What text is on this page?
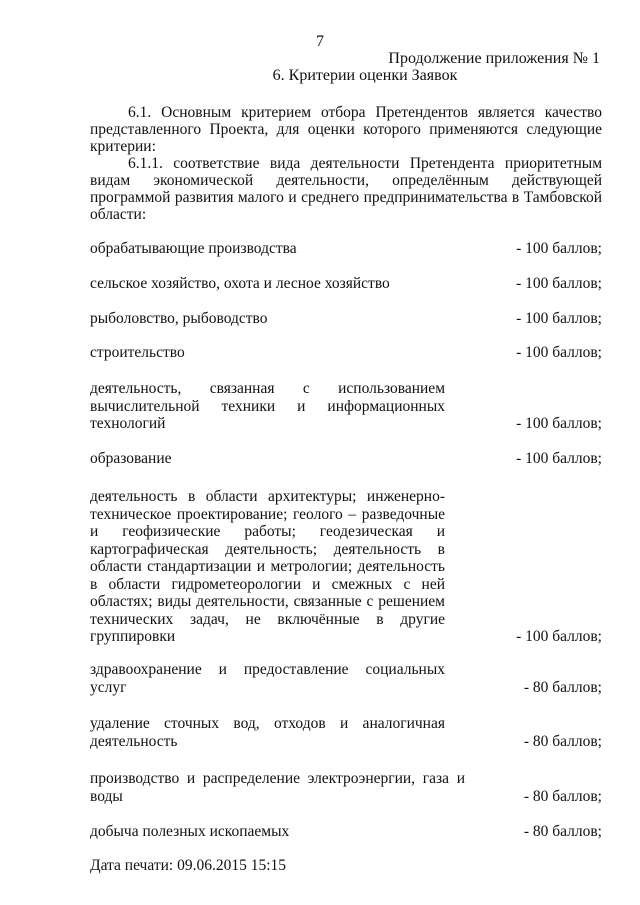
7
Продолжение приложения № 1
6. Критерии оценки Заявок
6.1. Основным критерием отбора Претендентов является качество представленного Проекта, для оценки которого применяются следующие критерии:
6.1.1. соответствие вида деятельности Претендента приоритетным видам экономической деятельности, определённым действующей программой развития малого и среднего предпринимательства в Тамбовской области:
обрабатывающие производства	- 100 баллов;
сельское хозяйство, охота и лесное хозяйство	- 100 баллов;
рыболовство, рыбоводство	- 100 баллов;
строительство	- 100 баллов;
деятельность, связанная с использованием вычислительной техники и информационных технологий	- 100 баллов;
образование	- 100 баллов;
деятельность в области архитектуры; инженерно-техническое проектирование; геолого – разведочные и геофизические работы; геодезическая и картографическая деятельность; деятельность в области стандартизации и метрологии; деятельность в области гидрометеорологии и смежных с ней областях; виды деятельности, связанные с решением технических задач, не включённые в другие группировки	- 100 баллов;
здравоохранение и предоставление социальных услуг	- 80 баллов;
удаление сточных вод, отходов и аналогичная деятельность	- 80 баллов;
производство и распределение электроэнергии, газа и воды	- 80 баллов;
добыча полезных ископаемых	- 80 баллов;
Дата печати: 09.06.2015 15:15
